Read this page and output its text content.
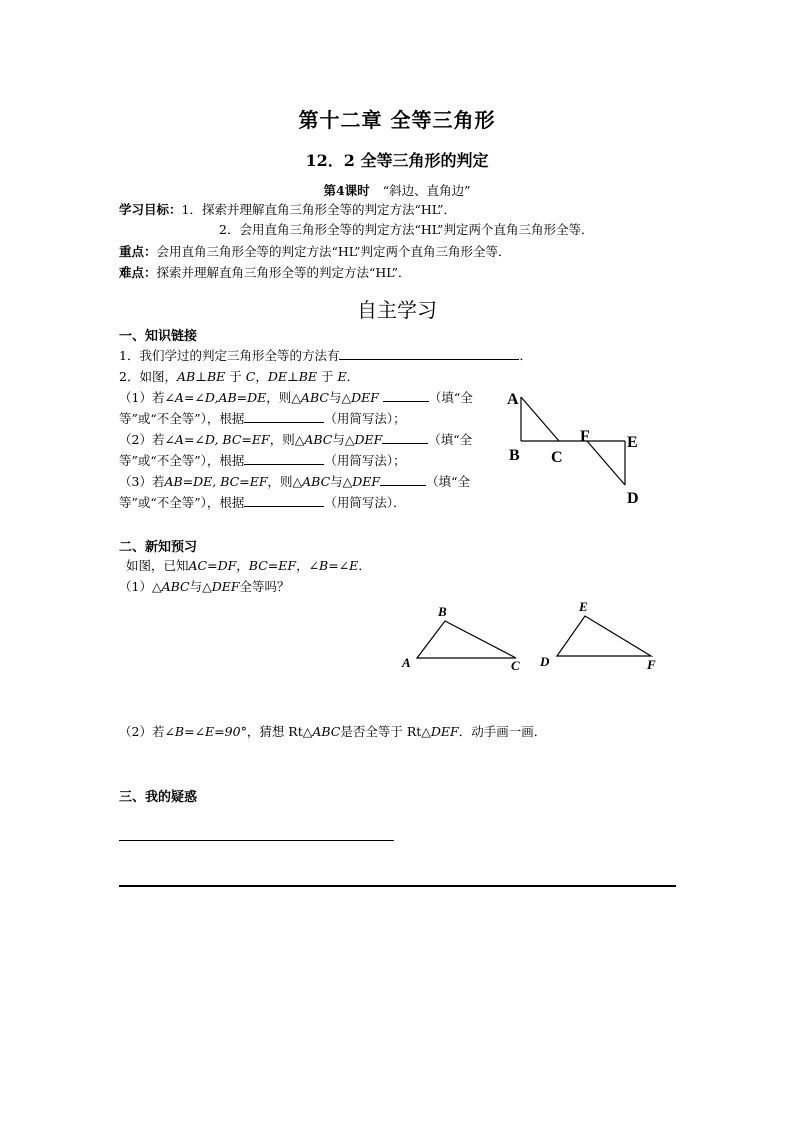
第十二章 全等三角形
12．2 全等三角形的判定
第4课时 “斜边、直角边”
学习目标：1．探索并理解直角三角形全等的判定方法“HL”．
2．会用直角三角形全等的判定方法“HL”判定两个直角三角形全等．
重点：会用直角三角形全等的判定方法“HL”判定两个直角三角形全等．
难点：探索并理解直角三角形全等的判定方法“HL”．
自主学习
一、知识链接
1．我们学过的判定三角形全等的方法有	．
2．如图，AB⊥BE 于 C，DE⊥BE 于 E．
（1）若∠A=∠D,AB=DE，则△ABC与△DEF	（填“全
等”或“不全等”），根据	（用简写法）；
（2）若∠A=∠D, BC=EF，则△ABC与△DEF	（填“全
等”或“不全等”），根据	（用简写法）；
（3）若AB=DE, BC=EF，则△ABC与△DEF	（填“全
等”或“不全等”），根据	（用简写法）．
A
B C
F E
D
二、新知预习
如图，已知AC=DF，BC=EF，∠B=∠E．
（1）△ABC与△DEF全等吗？
A
B
C D
E
F
（2）若∠B=∠E=90°，猜想 Rt△ABC是否全等于 Rt△DEF．动手画一画．
三、我的疑惑
